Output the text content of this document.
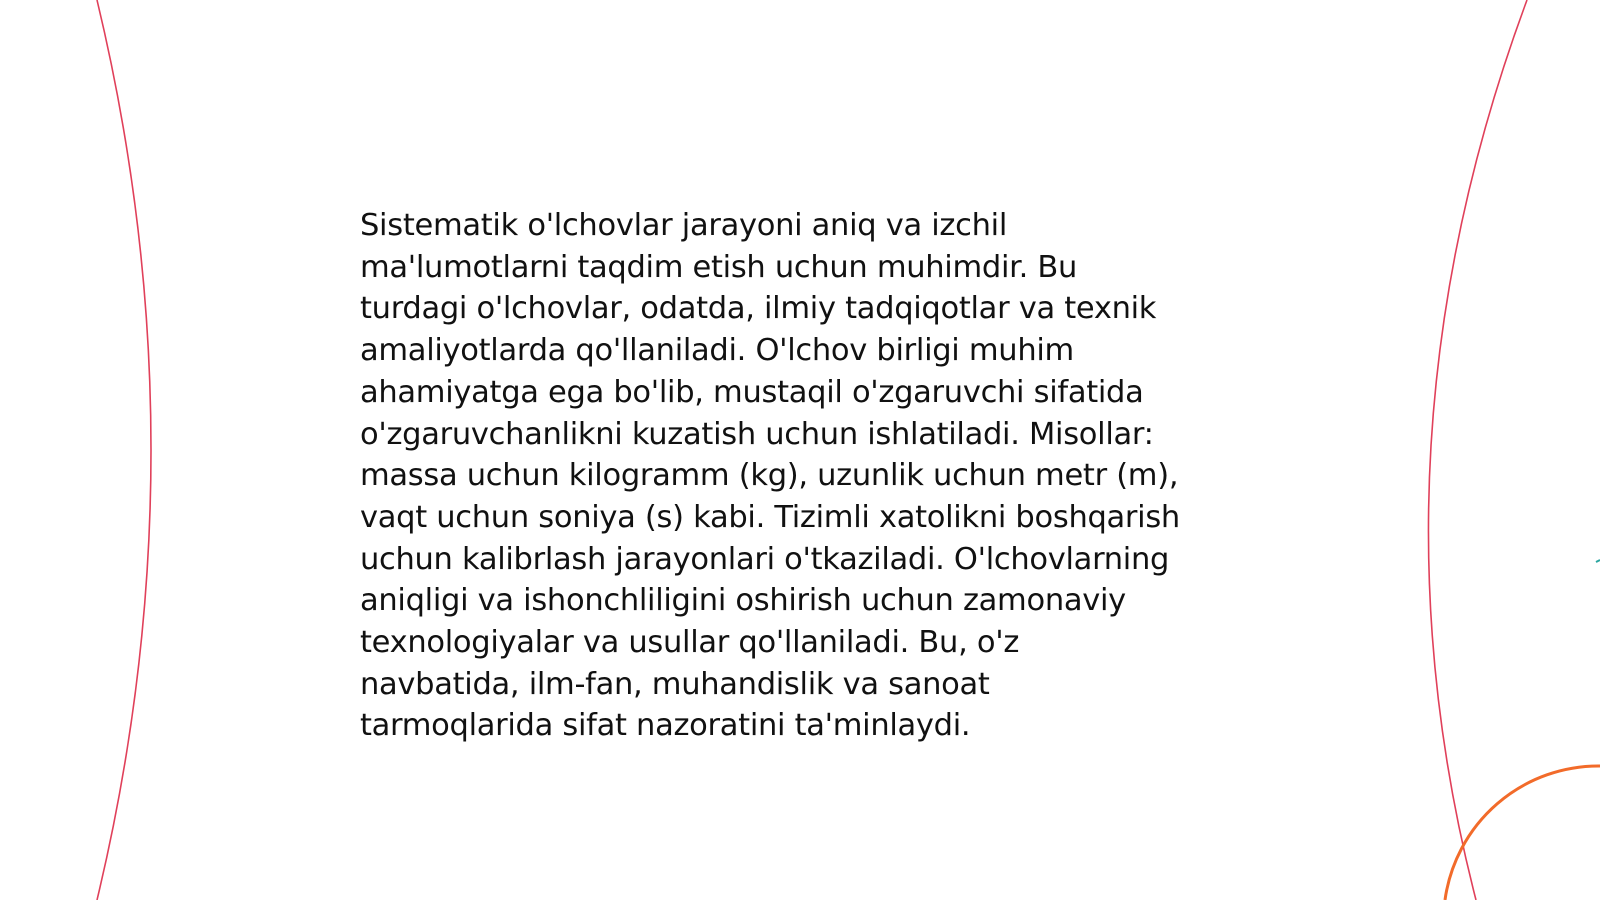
Sistematik o'lchovlar jarayoni aniq va izchil
ma'lumotlarni taqdim etish uchun muhimdir. Bu
turdagi o'lchovlar, odatda, ilmiy tadqiqotlar va texnik
amaliyotlarda qo'llaniladi. O'lchov birligi muhim
ahamiyatga ega bo'lib, mustaqil o'zgaruvchi sifatida
o'zgaruvchanlikni kuzatish uchun ishlatiladi. Misollar:
massa uchun kilogramm (kg), uzunlik uchun metr (m),
vaqt uchun soniya (s) kabi. Tizimli xatolikni boshqarish
uchun kalibrlash jarayonlari o'tkaziladi. O'lchovlarning
aniqligi va ishonchliligini oshirish uchun zamonaviy
texnologiyalar va usullar qo'llaniladi. Bu, o'z
navbatida, ilm-fan, muhandislik va sanoat
tarmoqlarida sifat nazoratini ta'minlaydi.
